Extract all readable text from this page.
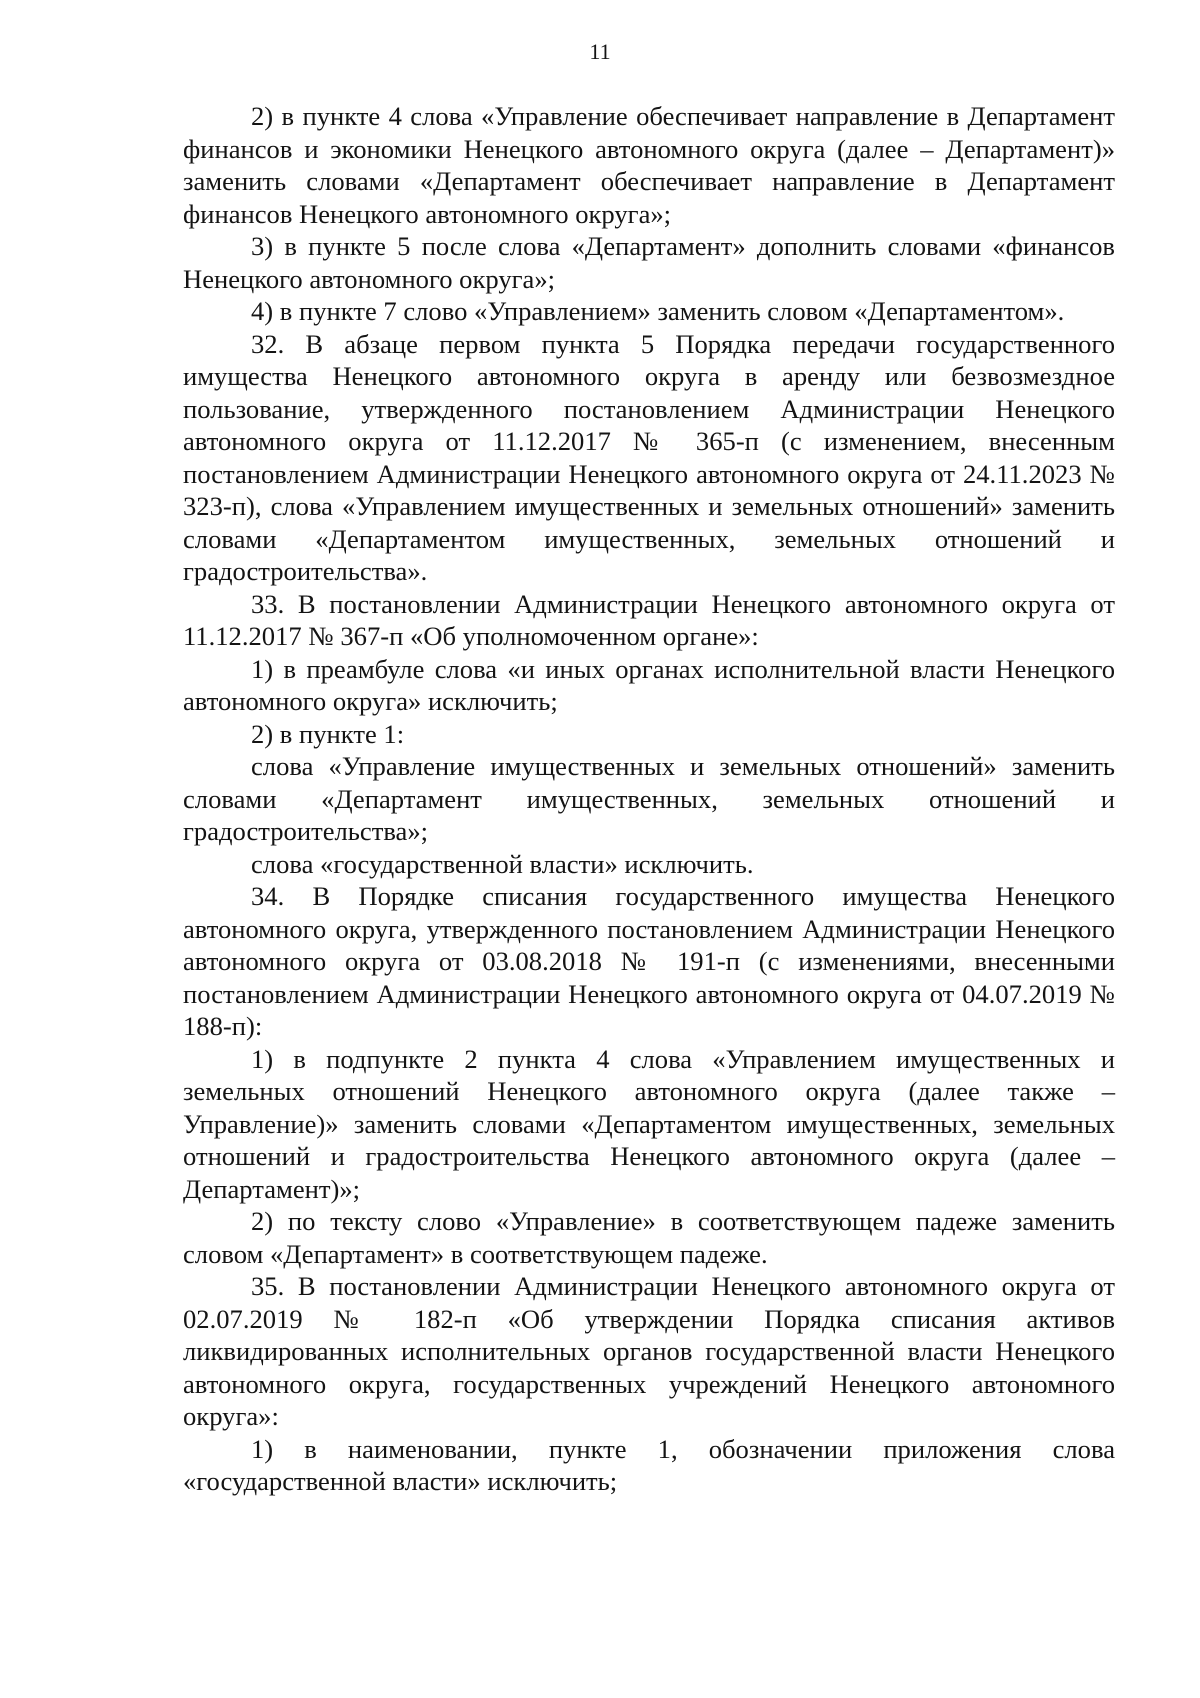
11

2) в пункте 4 слова «Управление обеспечивает направление в Департамент финансов и экономики Ненецкого автономного округа (далее – Департамент)» заменить словами «Департамент обеспечивает направление в Департамент финансов Ненецкого автономного округа»;

3) в пункте 5 после слова «Департамент» дополнить словами «финансов Ненецкого автономного округа»;

4) в пункте 7 слово «Управлением» заменить словом «Департаментом».

32. В абзаце первом пункта 5 Порядка передачи государственного имущества Ненецкого автономного округа в аренду или безвозмездное пользование, утвержденного постановлением Администрации Ненецкого автономного округа от 11.12.2017 № 365-п (с изменением, внесенным постановлением Администрации Ненецкого автономного округа от 24.11.2023 № 323-п), слова «Управлением имущественных и земельных отношений» заменить словами «Департаментом имущественных, земельных отношений и градостроительства».

33. В постановлении Администрации Ненецкого автономного округа от 11.12.2017 № 367-п «Об уполномоченном органе»:

1) в преамбуле слова «и иных органах исполнительной власти Ненецкого автономного округа» исключить;

2) в пункте 1:

слова «Управление имущественных и земельных отношений» заменить словами «Департамент имущественных, земельных отношений и градостроительства»;

слова «государственной власти» исключить.

34. В Порядке списания государственного имущества Ненецкого автономного округа, утвержденного постановлением Администрации Ненецкого автономного округа от 03.08.2018 № 191-п (с изменениями, внесенными постановлением Администрации Ненецкого автономного округа от 04.07.2019 № 188-п):

1) в подпункте 2 пункта 4 слова «Управлением имущественных и земельных отношений Ненецкого автономного округа (далее также – Управление)» заменить словами «Департаментом имущественных, земельных отношений и градостроительства Ненецкого автономного округа (далее – Департамент)»;

2) по тексту слово «Управление» в соответствующем падеже заменить словом «Департамент» в соответствующем падеже.

35. В постановлении Администрации Ненецкого автономного округа от 02.07.2019 № 182-п «Об утверждении Порядка списания активов ликвидированных исполнительных органов государственной власти Ненецкого автономного округа, государственных учреждений Ненецкого автономного округа»:

1) в наименовании, пункте 1, обозначении приложения слова «государственной власти» исключить;
